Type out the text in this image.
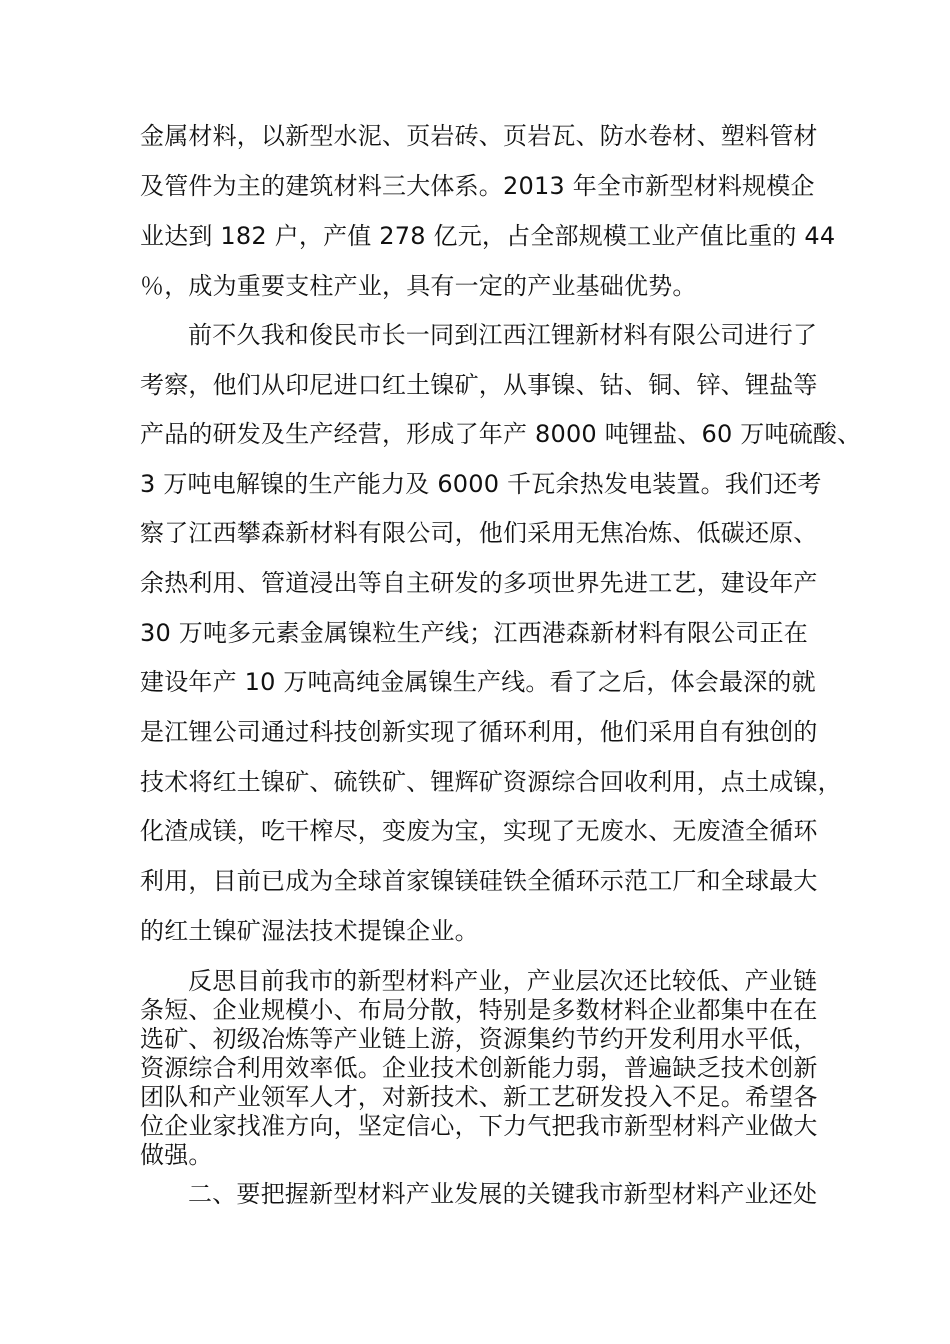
金属材料，以新型水泥、页岩砖、页岩瓦、防水卷材、塑料管材
及管件为主的建筑材料三大体系。2013 年全市新型材料规模企
业达到 182 户，产值 278 亿元，占全部规模工业产值比重的 44
％，成为重要支柱产业，具有一定的产业基础优势。
前不久我和俊民市长一同到江西江锂新材料有限公司进行了
考察，他们从印尼进口红土镍矿，从事镍、钴、铜、锌、锂盐等
产品的研发及生产经营，形成了年产 8000 吨锂盐、60 万吨硫酸、
3 万吨电解镍的生产能力及 6000 千瓦余热发电装置。我们还考
察了江西攀森新材料有限公司，他们采用无焦冶炼、低碳还原、
余热利用、管道浸出等自主研发的多项世界先进工艺，建设年产
30 万吨多元素金属镍粒生产线；江西港森新材料有限公司正在
建设年产 10 万吨高纯金属镍生产线。看了之后，体会最深的就
是江锂公司通过科技创新实现了循环利用，他们采用自有独创的
技术将红土镍矿、硫铁矿、锂辉矿资源综合回收利用，点土成镍，
化渣成镁，吃干榨尽，变废为宝，实现了无废水、无废渣全循环
利用，目前已成为全球首家镍镁硅铁全循环示范工厂和全球最大
的红土镍矿湿法技术提镍企业。
反思目前我市的新型材料产业，产业层次还比较低、产业链
条短、企业规模小、布局分散，特别是多数材料企业都集中在在
选矿、初级冶炼等产业链上游，资源集约节约开发利用水平低，
资源综合利用效率低。企业技术创新能力弱，普遍缺乏技术创新
团队和产业领军人才，对新技术、新工艺研发投入不足。希望各
位企业家找准方向，坚定信心，下力气把我市新型材料产业做大
做强。
二、要把握新型材料产业发展的关键我市新型材料产业还处
